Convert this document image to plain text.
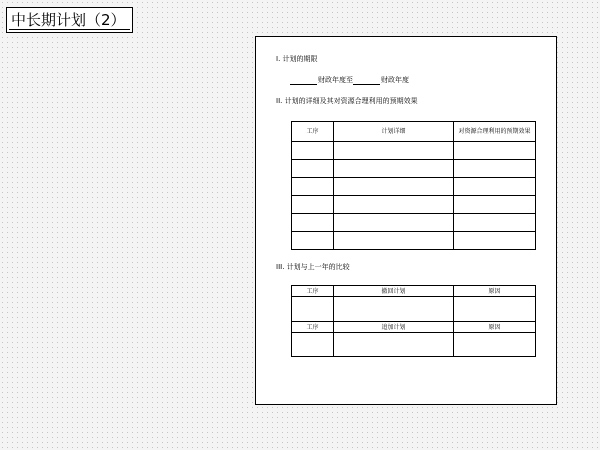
中长期计划（2）
I. 计划的期限
财政年度至	财政年度
II. 计划的详细及其对资源合理利用的预期效果
工序	计划详细	对资源合理利用的预期效果

III. 计划与上一年的比较
工序	撤回计划	原因

工序	追加计划	原因
